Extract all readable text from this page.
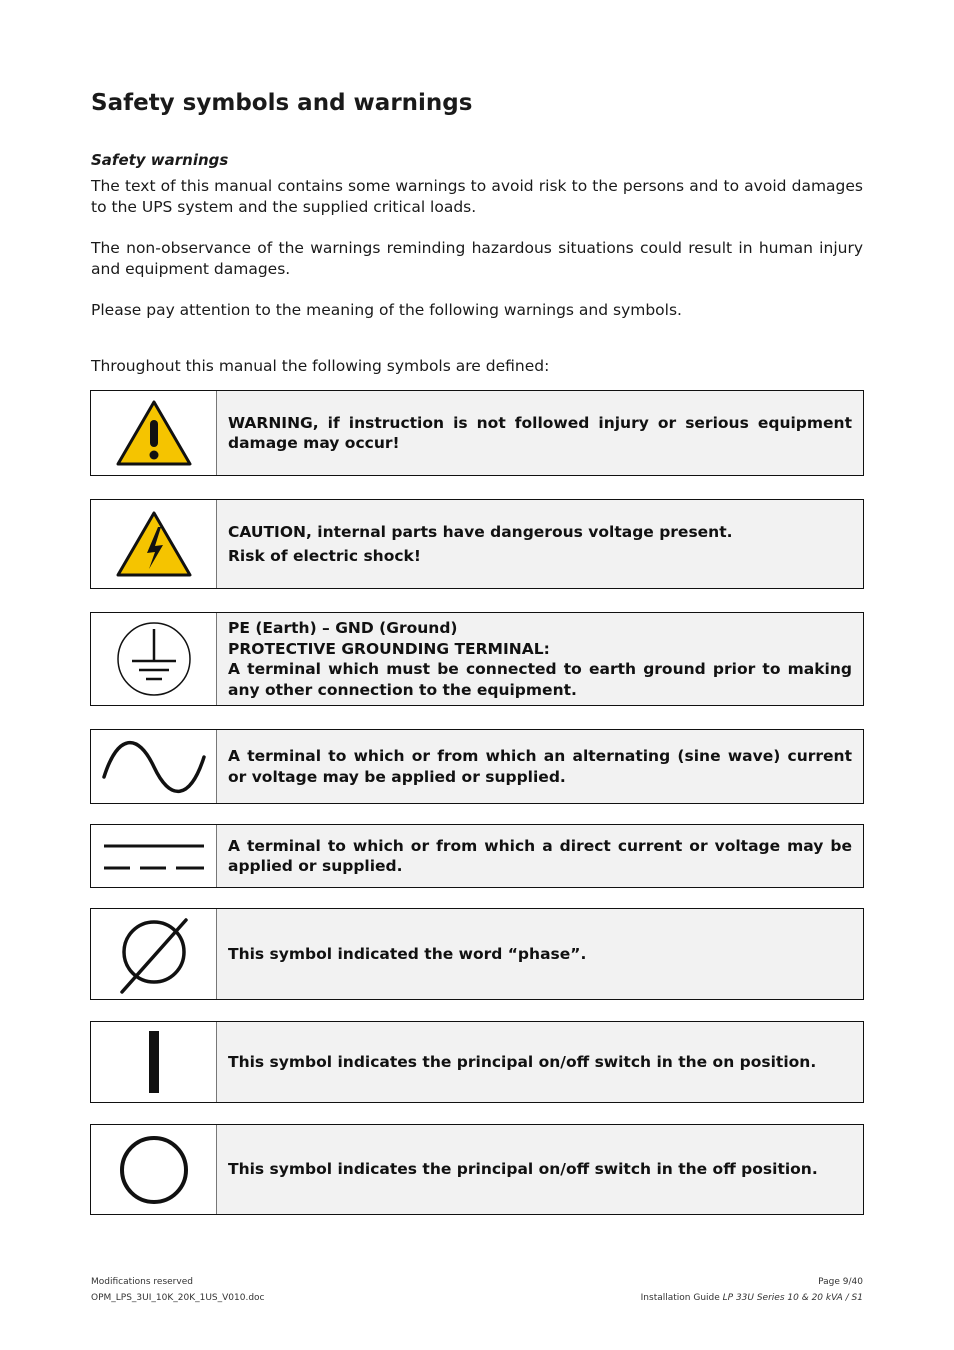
Safety symbols and warnings
Safety warnings

The text of this manual contains some warnings to avoid risk to the persons and to avoid damages to the UPS system and the supplied critical loads.

The non-observance of the warnings reminding hazardous situations could result in human injury and equipment damages.

Please pay attention to the meaning of the following warnings and symbols.

Throughout this manual the following symbols are defined:

WARNING, if instruction is not followed injury or serious equipment damage may occur!
CAUTION, internal parts have dangerous voltage present.
Risk of electric shock!
PE (Earth) – GND (Ground)
PROTECTIVE GROUNDING TERMINAL:
A terminal which must be connected to earth ground prior to making any other connection to the equipment.
A terminal to which or from which an alternating (sine wave) current or voltage may be applied or supplied.
A terminal to which or from which a direct current or voltage may be applied or supplied.
This symbol indicated the word “phase”.
This symbol indicates the principal on/off switch in the on position.
This symbol indicates the principal on/off switch in the off position.
Modifications reserved
OPM_LPS_3UI_10K_20K_1US_V010.doc
Page 9/40
Installation Guide LP 33U Series 10 & 20 kVA / S1
